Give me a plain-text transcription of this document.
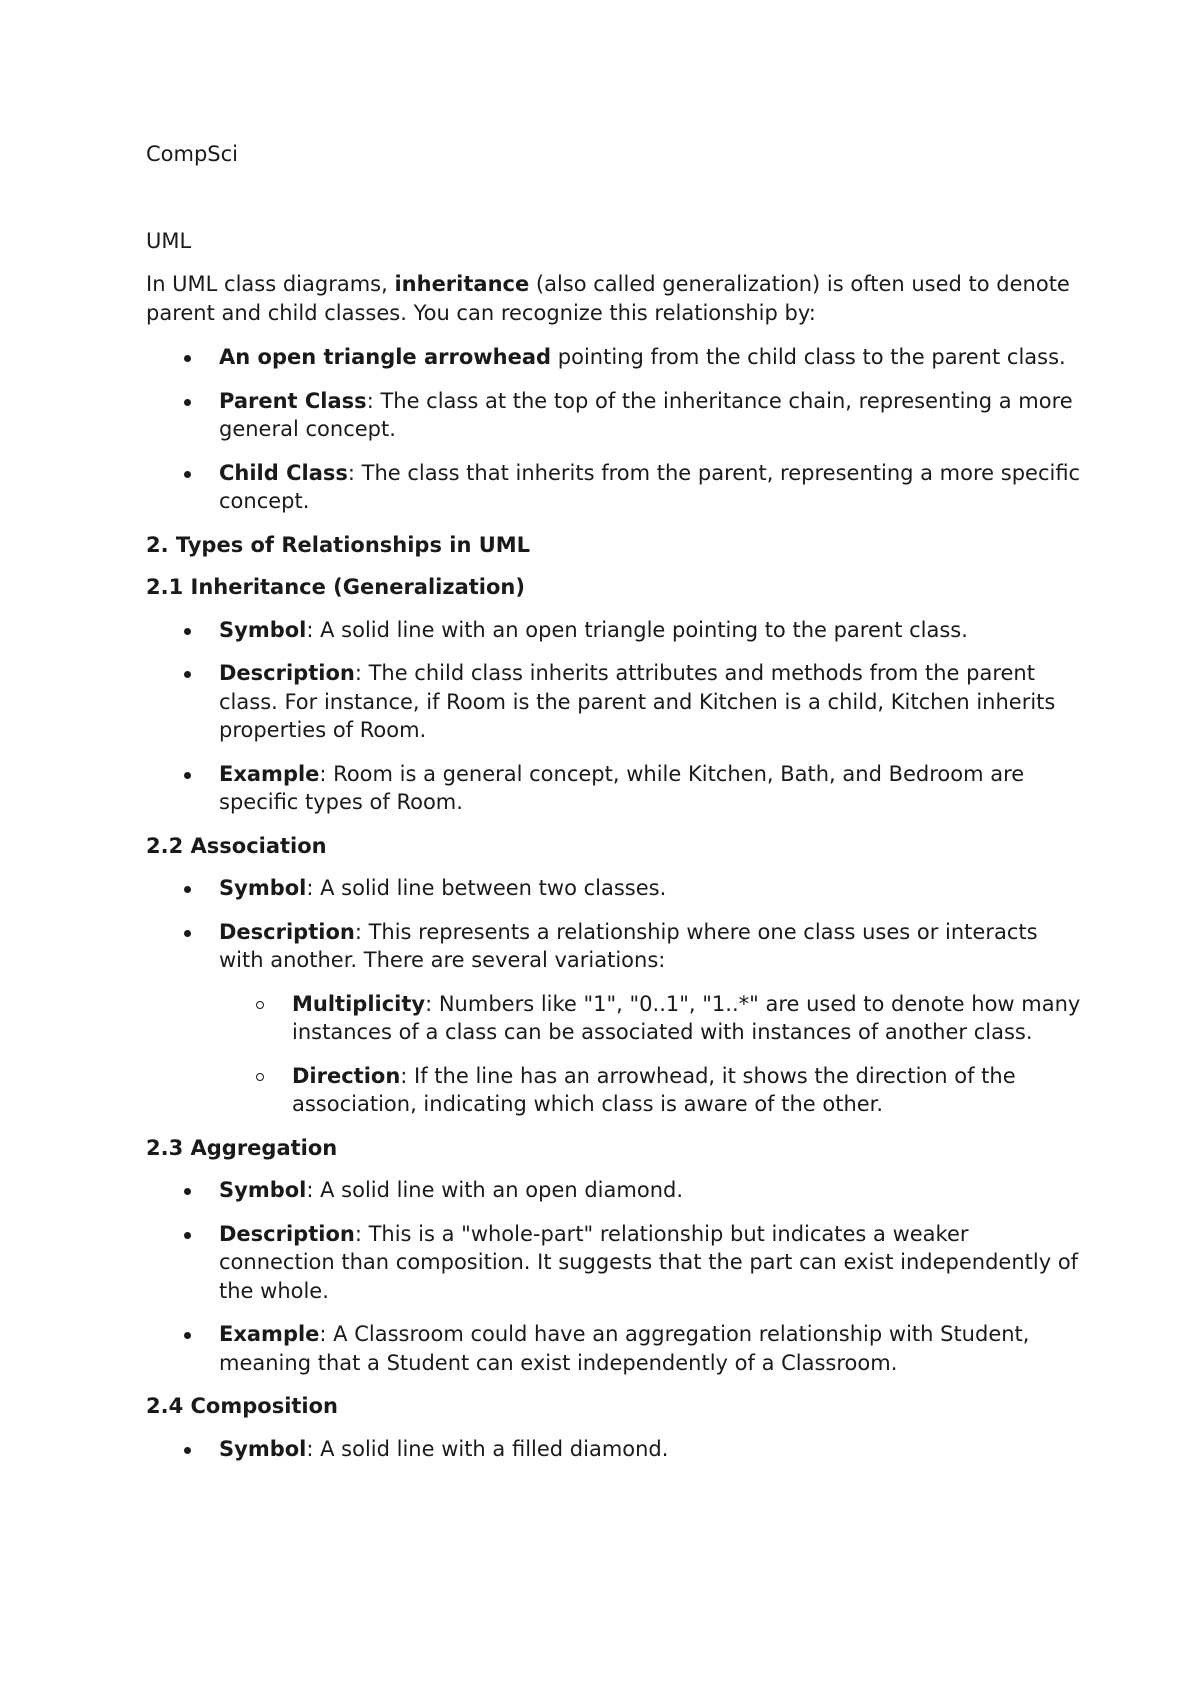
CompSci

UML

In UML class diagrams, inheritance (also called generalization) is often used to denote parent and child classes. You can recognize this relationship by:

An open triangle arrowhead pointing from the child class to the parent class.
Parent Class: The class at the top of the inheritance chain, representing a more general concept.
Child Class: The class that inherits from the parent, representing a more specific concept.

2. Types of Relationships in UML

2.1 Inheritance (Generalization)

Symbol: A solid line with an open triangle pointing to the parent class.
Description: The child class inherits attributes and methods from the parent class. For instance, if Room is the parent and Kitchen is a child, Kitchen inherits properties of Room.
Example: Room is a general concept, while Kitchen, Bath, and Bedroom are specific types of Room.

2.2 Association

Symbol: A solid line between two classes.
Description: This represents a relationship where one class uses or interacts with another. There are several variations:
Multiplicity: Numbers like "1", "0..1", "1..*" are used to denote how many instances of a class can be associated with instances of another class.
Direction: If the line has an arrowhead, it shows the direction of the association, indicating which class is aware of the other.

2.3 Aggregation

Symbol: A solid line with an open diamond.
Description: This is a "whole-part" relationship but indicates a weaker connection than composition. It suggests that the part can exist independently of the whole.
Example: A Classroom could have an aggregation relationship with Student, meaning that a Student can exist independently of a Classroom.

2.4 Composition

Symbol: A solid line with a filled diamond.
